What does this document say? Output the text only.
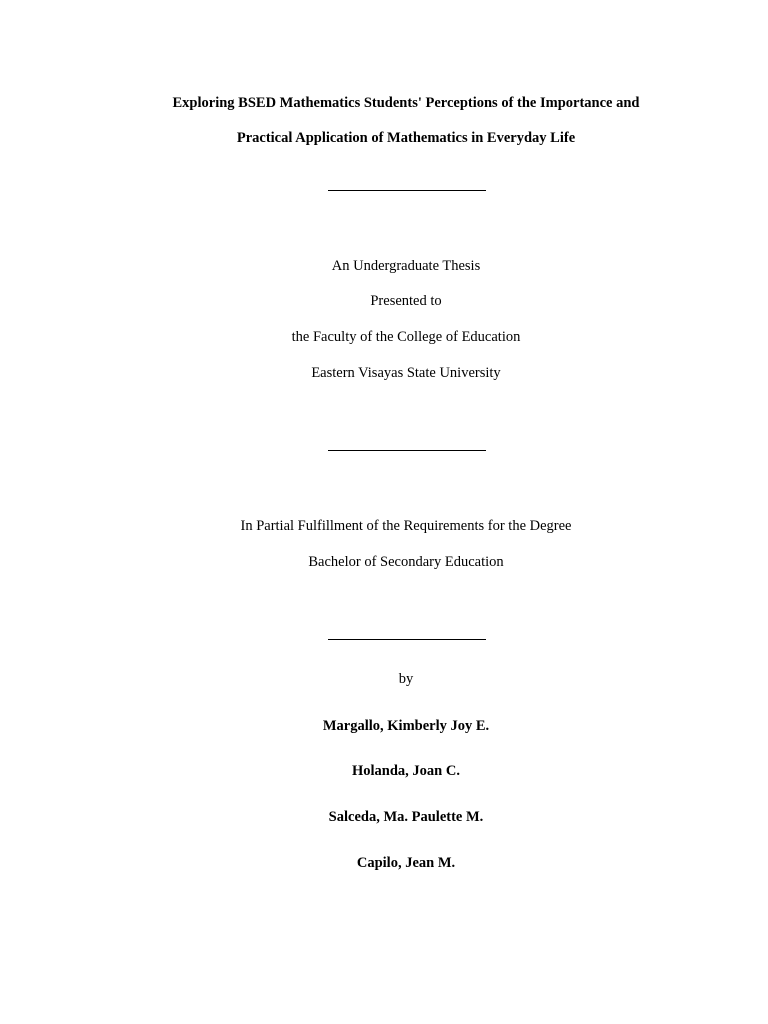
Exploring BSED Mathematics Students' Perceptions of the Importance and
Practical Application of Mathematics in Everyday Life
An Undergraduate Thesis
Presented to
the Faculty of the College of Education
Eastern Visayas State University
In Partial Fulfillment of the Requirements for the Degree
Bachelor of Secondary Education
by
Margallo, Kimberly Joy E.
Holanda, Joan C.
Salceda, Ma. Paulette M.
Capilo, Jean M.
